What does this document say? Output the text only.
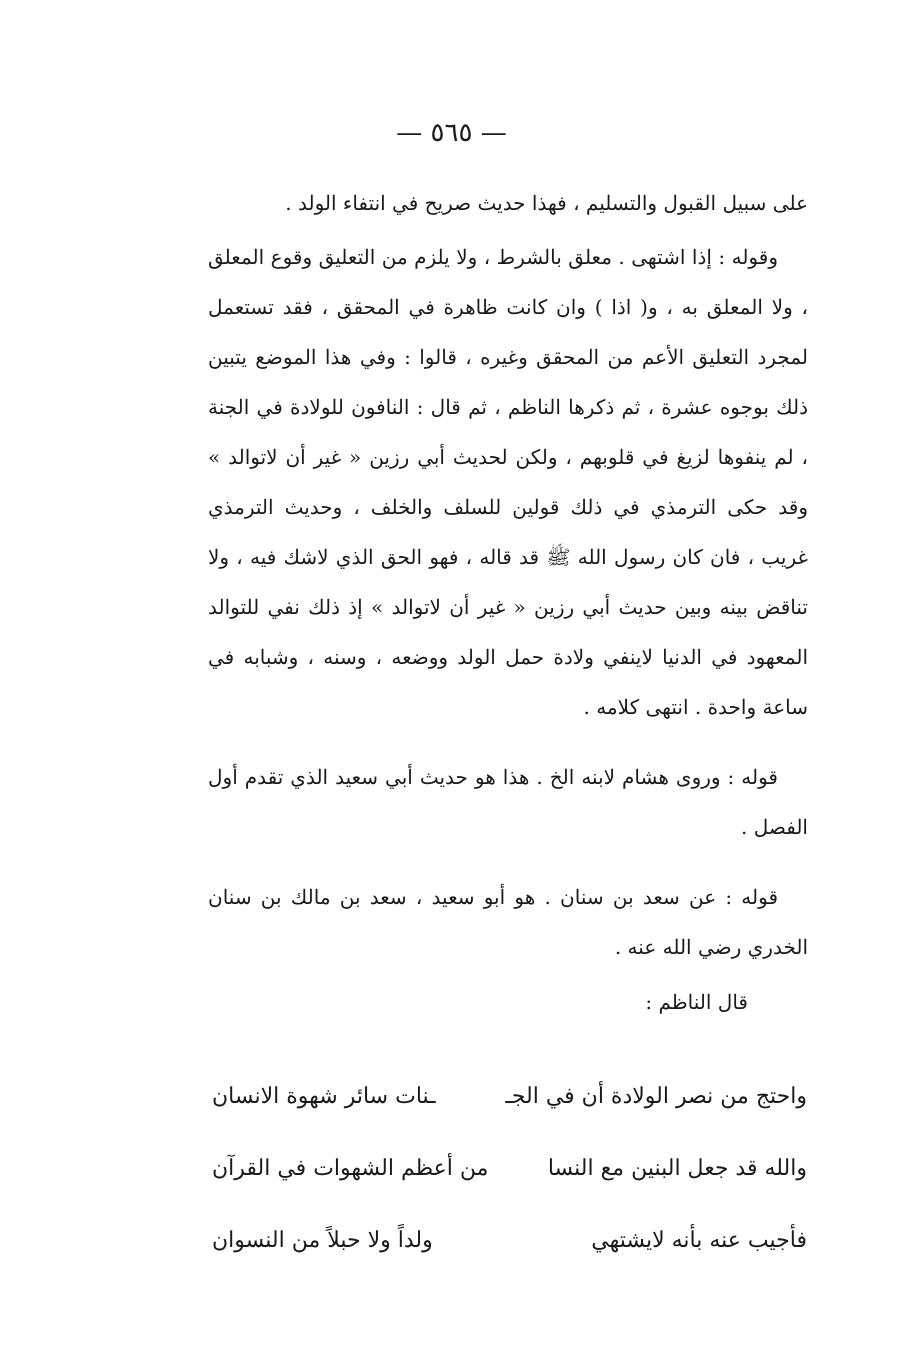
— ٥٦٥ —

على سبيل القبول والتسليم ، فهذا حديث صريح في انتفاء الولد .

وقوله : إذا اشتهى . معلق بالشرط ، ولا يلزم من التعليق وقوع المعلق ، ولا المعلق به ، و( اذا ) وان كانت ظاهرة في المحقق ، فقد تستعمل لمجرد التعليق الأعم من المحقق وغيره ، قالوا : وفي هذا الموضع يتبين ذلك بوجوه عشرة ، ثم ذكرها الناظم ، ثم قال : النافون للولادة في الجنة ، لم ينفوها لزيغ في قلوبهم ، ولكن لحديث أبي رزين « غير أن لاتوالد » وقد حكى الترمذي في ذلك قولين للسلف والخلف ، وحديث الترمذي غريب ، فان كان رسول الله ﷺ قد قاله ، فهو الحق الذي لاشك فيه ، ولا تناقض بينه وبين حديث أبي رزين « غير أن لاتوالد » إذ ذلك نفي للتوالد المعهود في الدنيا لاينفي ولادة حمل الولد ووضعه ، وسنه ، وشبابه في ساعة واحدة . انتهى كلامه .

قوله : وروى هشام لابنه الخ . هذا هو حديث أبي سعيد الذي تقدم أول الفصل .

قوله : عن سعد بن سنان . هو أبو سعيد ، سعد بن مالك بن سنان الخدري رضي الله عنه .

قال الناظم :
واحتج من نصر الولادة أن في الجـ
ـنات سائر شهوة الانسان
والله قد جعل البنين مع النسا
من أعظم الشهوات في القرآن
فأجيب عنه بأنه لايشتهي
ولداً ولا حبلاً من النسوان
